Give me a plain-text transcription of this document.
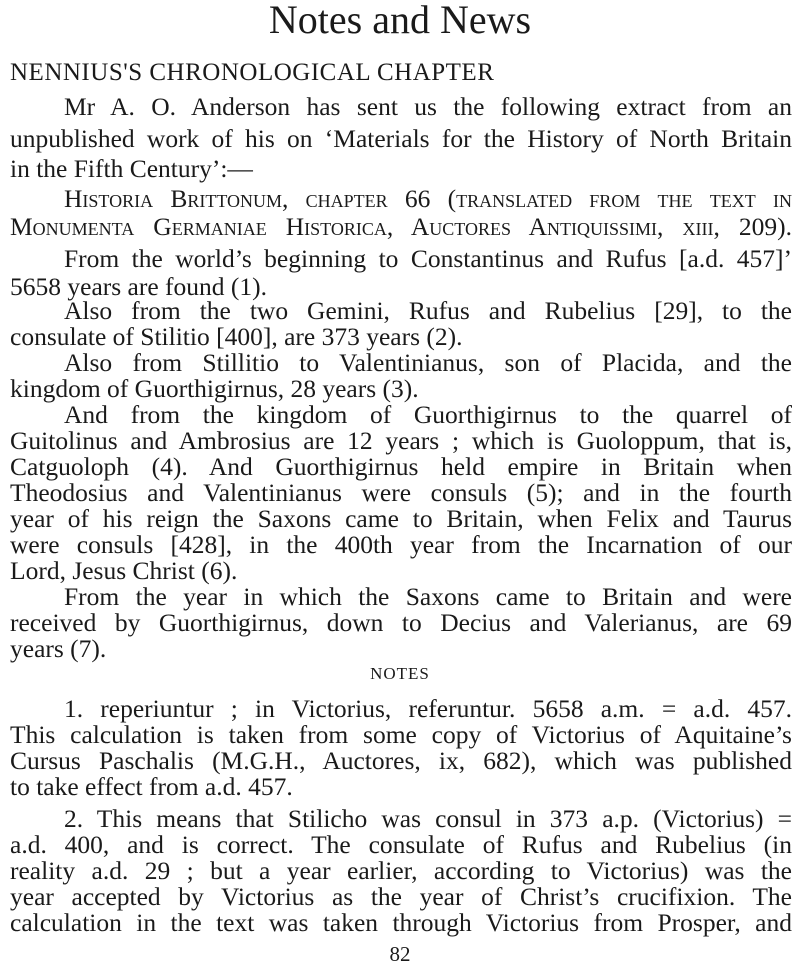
Notes and News
NENNIUS'S CHRONOLOGICAL CHAPTER
Mr A. O. Anderson has sent us the following extract from an
unpublished work of his on ‘Materials for the History of North Britain
in the Fifth Century’:—
Historia Brittonum, chapter 66 (translated from the text in
Monumenta Germaniae Historica, Auctores Antiquissimi, xiii, 209).
From the world’s beginning to Constantinus and Rufus [a.d. 457]’
5658 years are found (1).
Also from the two Gemini, Rufus and Rubelius [29], to the
consulate of Stilitio [400], are 373 years (2).
Also from Stillitio to Valentinianus, son of Placida, and the
kingdom of Guorthigirnus, 28 years (3).
And from the kingdom of Guorthigirnus to the quarrel of
Guitolinus and Ambrosius are 12 years ; which is Guoloppum, that is,
Catguoloph (4). And Guorthigirnus held empire in Britain when
Theodosius and Valentinianus were consuls (5); and in the fourth
year of his reign the Saxons came to Britain, when Felix and Taurus
were consuls [428], in the 400th year from the Incarnation of our
Lord, Jesus Christ (6).
From the year in which the Saxons came to Britain and were
received by Guorthigirnus, down to Decius and Valerianus, are 69
years (7).
NOTES
1. reperiuntur ; in Victorius, referuntur. 5658 a.m. = a.d. 457.
This calculation is taken from some copy of Victorius of Aquitaine’s
Cursus Paschalis (M.G.H., Auctores, ix, 682), which was published
to take effect from a.d. 457.
2. This means that Stilicho was consul in 373 a.p. (Victorius) =
a.d. 400, and is correct. The consulate of Rufus and Rubelius (in
reality a.d. 29 ; but a year earlier, according to Victorius) was the
year accepted by Victorius as the year of Christ’s crucifixion. The
calculation in the text was taken through Victorius from Prosper, and
82
